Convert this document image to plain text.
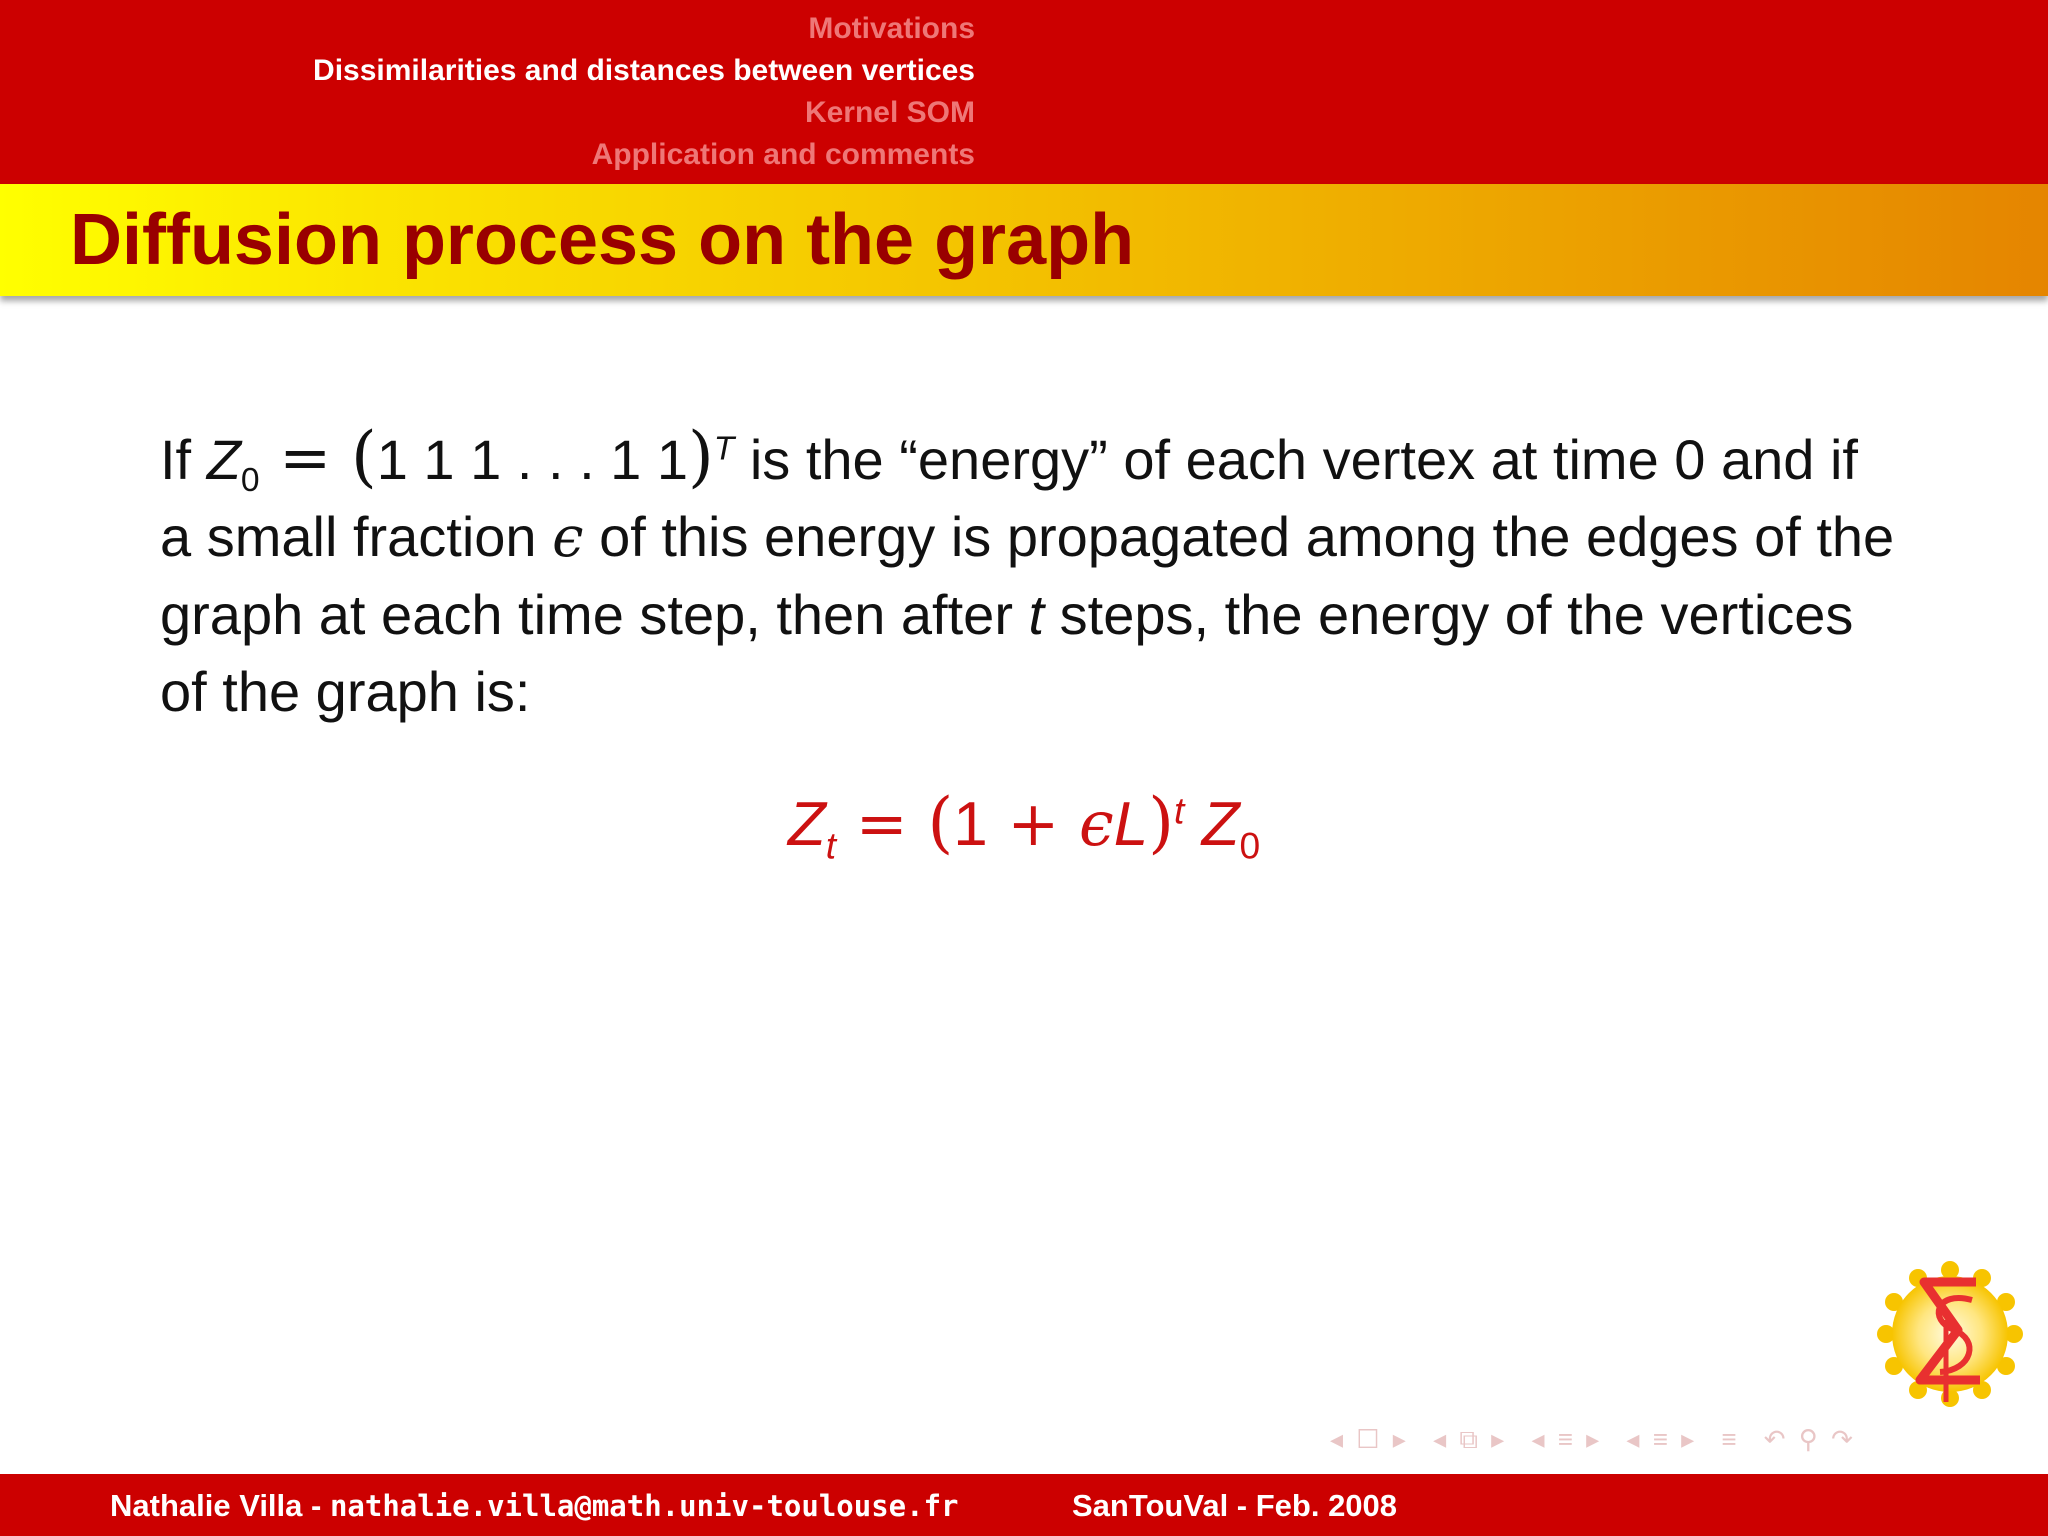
Motivations
Dissimilarities and distances between vertices
Kernel SOM
Application and comments
Diffusion process on the graph

If $Z_0 = (1$ 1 1 . . . 1 1)$^T$ is the “energy” of each vertex at time 0 and if a small fraction ϵ of this energy is propagated among the edges of the graph at each time step, then after t steps, the energy of the vertices of the graph is:

$Z_t = (1 + \epsilon L)^t$ $Z_0$
◂ ☐ ▸ ◂ ⧉ ▸ ◂ ≡ ▸ ◂ ≡ ▸ ≡ ↶ ⚲ ↷
Nathalie Villa - nathalie.villa@math.univ-toulouse.fr	SanTouVal - Feb. 2008
